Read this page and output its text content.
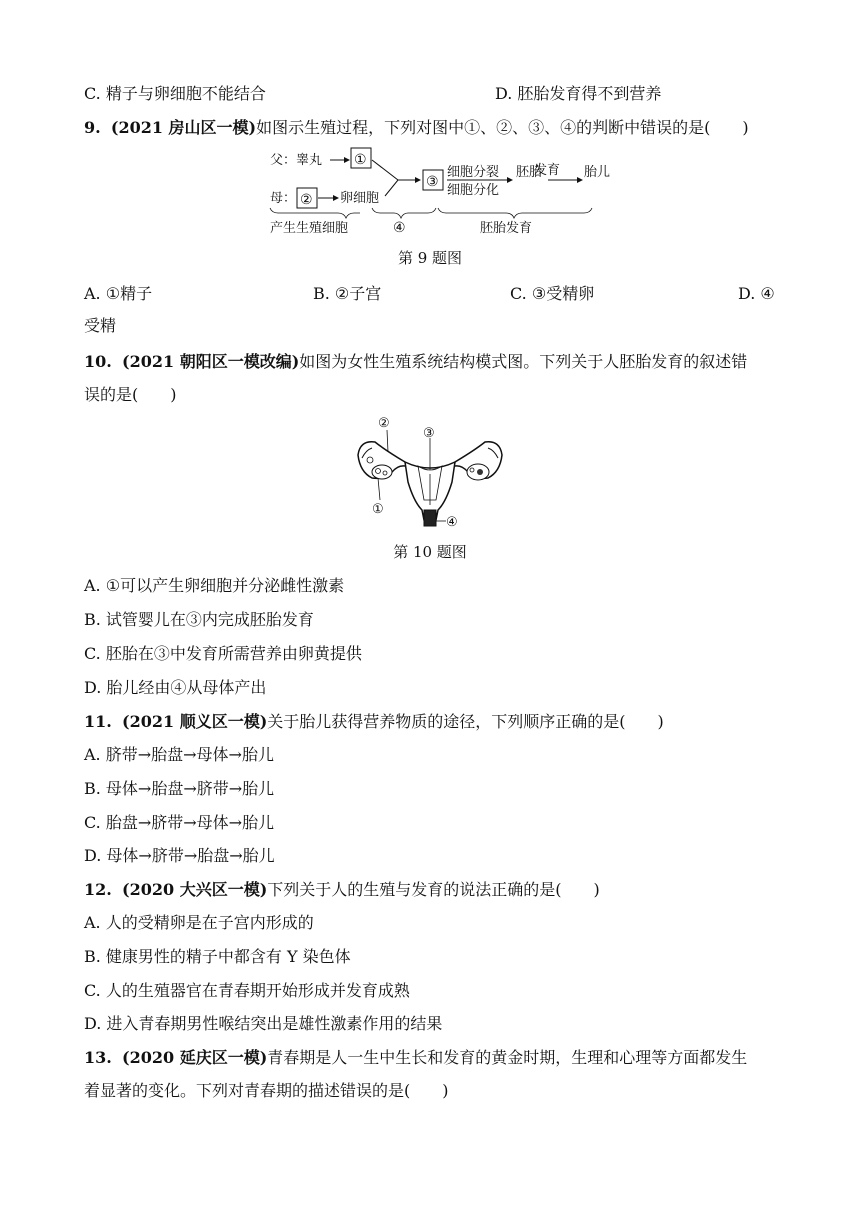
C. 精子与卵细胞不能结合	D. 胚胎发育得不到营养
9. (2021 房山区一模)如图示生殖过程，下列对图中①、②、③、④的判断中错误的是(　　)
父：睾丸 ①
母： ② 卵细胞
③
细胞分裂
细胞分化
胚胎
发育 胎儿
产生生殖细胞	④	胚胎发育
第 9 题图
A. ①精子	B. ②子宫	C. ③受精卵	D. ④
受精
10. (2021 朝阳区一模改编)如图为女性生殖系统结构模式图。下列关于人胚胎发育的叙述错
误的是(　　)
②
③
①
④
第 10 题图
A. ①可以产生卵细胞并分泌雌性激素
B. 试管婴儿在③内完成胚胎发育
C. 胚胎在③中发育所需营养由卵黄提供
D. 胎儿经由④从母体产出
11. (2021 顺义区一模)关于胎儿获得营养物质的途径，下列顺序正确的是(　　)
A. 脐带→胎盘→母体→胎儿
B. 母体→胎盘→脐带→胎儿
C. 胎盘→脐带→母体→胎儿
D. 母体→脐带→胎盘→胎儿
12. (2020 大兴区一模)下列关于人的生殖与发育的说法正确的是(　　)
A. 人的受精卵是在子宫内形成的
B. 健康男性的精子中都含有 Y 染色体
C. 人的生殖器官在青春期开始形成并发育成熟
D. 进入青春期男性喉结突出是雄性激素作用的结果
13. (2020 延庆区一模)青春期是人一生中生长和发育的黄金时期，生理和心理等方面都发生
着显著的变化。下列对青春期的描述错误的是(　　)
